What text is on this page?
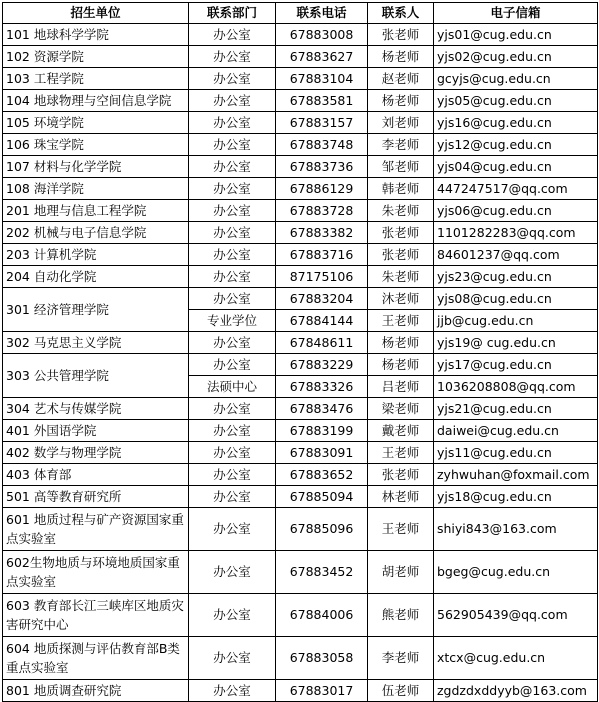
招生单位	联系部门	联系电话	联系人	电子信箱
101 地球科学学院	办公室	67883008	张老师	yjs01@cug.edu.cn
102 资源学院	办公室	67883627	杨老师	yjs02@cug.edu.cn
103 工程学院	办公室	67883104	赵老师	gcyjs@cug.edu.cn
104 地球物理与空间信息学院	办公室	67883581	杨老师	yjs05@cug.edu.cn
105 环境学院	办公室	67883157	刘老师	yjs16@cug.edu.cn
106 珠宝学院	办公室	67883748	李老师	yjs12@cug.edu.cn
107 材料与化学学院	办公室	67883736	邹老师	yjs04@cug.edu.cn
108 海洋学院	办公室	67886129	韩老师	447247517@qq.com
201 地理与信息工程学院	办公室	67883728	朱老师	yjs06@cug.edu.cn
202 机械与电子信息学院	办公室	67883382	张老师	1101282283@qq.com
203 计算机学院	办公室	67883716	张老师	84601237@qq.com
204 自动化学院	办公室	87175106	朱老师	yjs23@cug.edu.cn
301 经济管理学院	办公室	67883204	沐老师	yjs08@cug.edu.cn
	专业学位	67884144	王老师	jjb@cug.edu.cn
302 马克思主义学院	办公室	67848611	杨老师	yjs19@ cug.edu.cn
303 公共管理学院	办公室	67883229	杨老师	yjs17@cug.edu.cn
	法硕中心	67883326	吕老师	1036208808@qq.com
304 艺术与传媒学院	办公室	67883476	梁老师	yjs21@cug.edu.cn
401 外国语学院	办公室	67883199	戴老师	daiwei@cug.edu.cn
402 数学与物理学院	办公室	67883091	王老师	yjs11@cug.edu.cn
403 体育部	办公室	67883652	张老师	zyhwuhan@foxmail.com
501 高等教育研究所	办公室	67885094	林老师	yjs18@cug.edu.cn
601 地质过程与矿产资源国家重点实验室	办公室	67885096	王老师	shiyi843@163.com
602生物地质与环境地质国家重点实验室	办公室	67883452	胡老师	bgeg@cug.edu.cn
603 教育部长江三峡库区地质灾害研究中心	办公室	67884006	熊老师	562905439@qq.com
604 地质探测与评估教育部B类重点实验室	办公室	67883058	李老师	xtcx@cug.edu.cn
801 地质调查研究院	办公室	67883017	伍老师	zgdzdxddyyb@163.com
